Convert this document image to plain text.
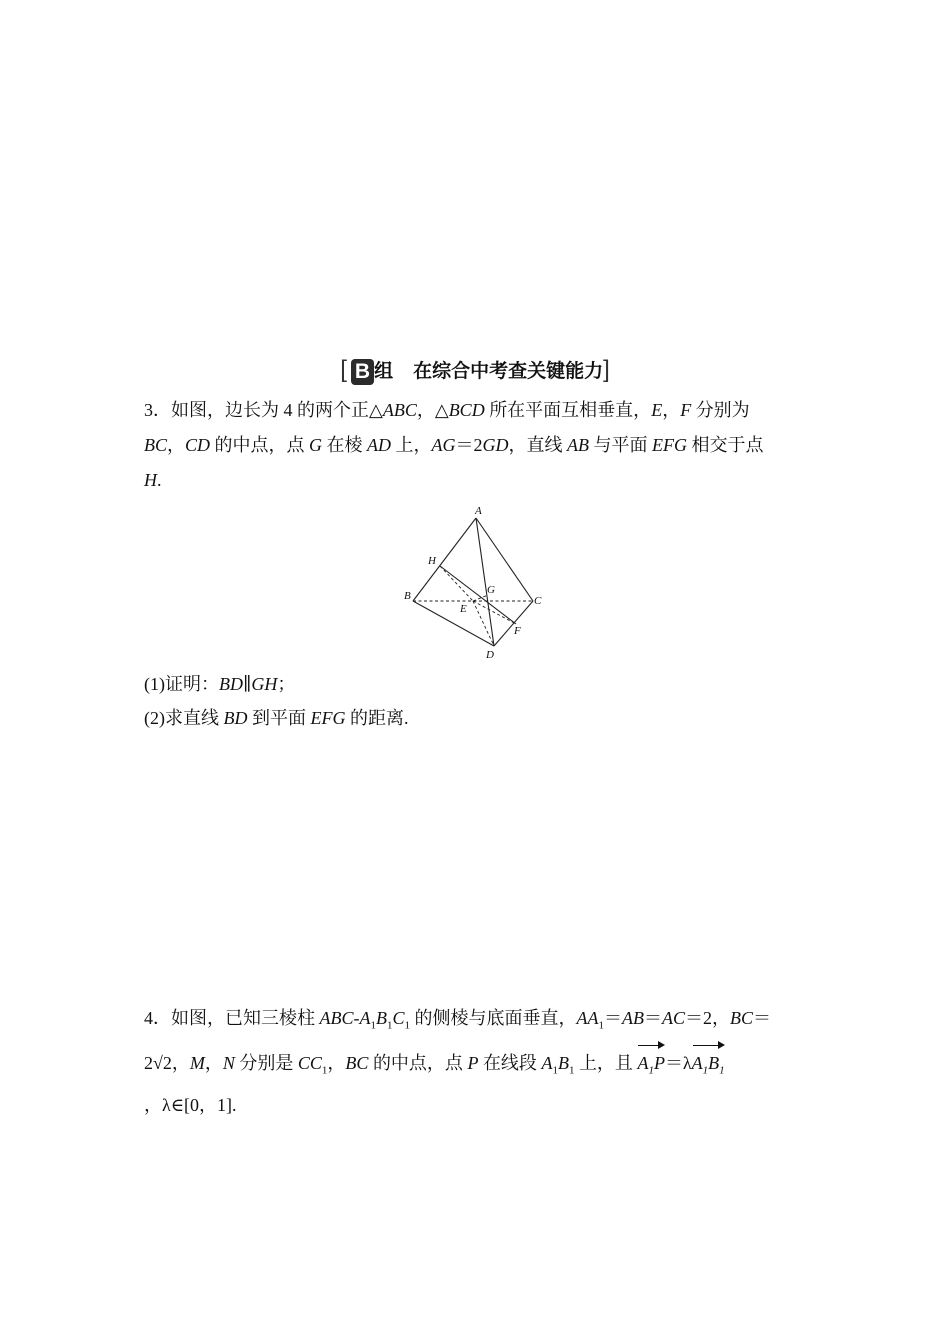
[ B 组 在综合中考查关键能力]
3．如图，边长为 4 的两个正△ABC，△BCD 所在平面互相垂直，E，F 分别为
BC，CD 的中点，点 G 在棱 AD 上，AG＝2GD，直线 AB 与平面 EFG 相交于点
H.
A
H
B	G
E
C
F
D
(1)证明：BD∥GH；
(2)求直线 BD 到平面 EFG 的距离.
4．如图，已知三棱柱 ABC-$A_1B_1C_1$ 的侧棱与底面垂直，$AA_1=AB=AC=2$，BC＝
2√2，M，N 分别是 $CC_1$，BC 的中点，点 P 在线段 $A_1B_1$ 上，且 $A_1P=\lambda A_1B_1$
，λ∈[0，1].
